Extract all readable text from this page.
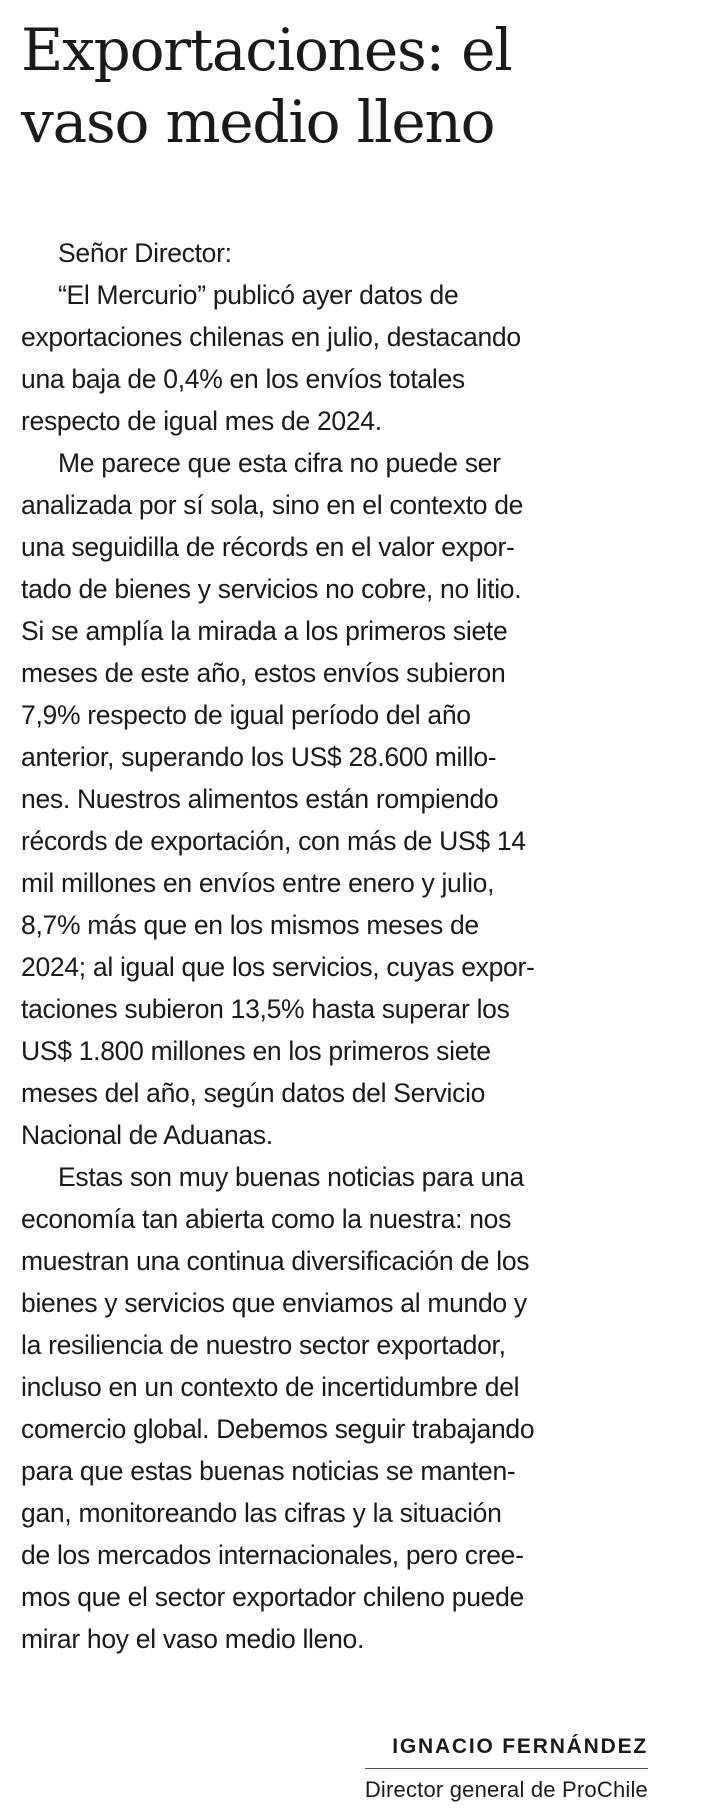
Exportaciones: el
vaso medio lleno
Señor Director:
“El Mercurio” publicó ayer datos de
exportaciones chilenas en julio, destacando
una baja de 0,4% en los envíos totales
respecto de igual mes de 2024.
Me parece que esta cifra no puede ser
analizada por sí sola, sino en el contexto de
una seguidilla de récords en el valor expor-
tado de bienes y servicios no cobre, no litio.
Si se amplía la mirada a los primeros siete
meses de este año, estos envíos subieron
7,9% respecto de igual período del año
anterior, superando los US$ 28.600 millo-
nes. Nuestros alimentos están rompiendo
récords de exportación, con más de US$ 14
mil millones en envíos entre enero y julio,
8,7% más que en los mismos meses de
2024; al igual que los servicios, cuyas expor-
taciones subieron 13,5% hasta superar los
US$ 1.800 millones en los primeros siete
meses del año, según datos del Servicio
Nacional de Aduanas.
Estas son muy buenas noticias para una
economía tan abierta como la nuestra: nos
muestran una continua diversificación de los
bienes y servicios que enviamos al mundo y
la resiliencia de nuestro sector exportador,
incluso en un contexto de incertidumbre del
comercio global. Debemos seguir trabajando
para que estas buenas noticias se manten-
gan, monitoreando las cifras y la situación
de los mercados internacionales, pero cree-
mos que el sector exportador chileno puede
mirar hoy el vaso medio lleno.
IGNACIO FERNÁNDEZ
Director general de ProChile
